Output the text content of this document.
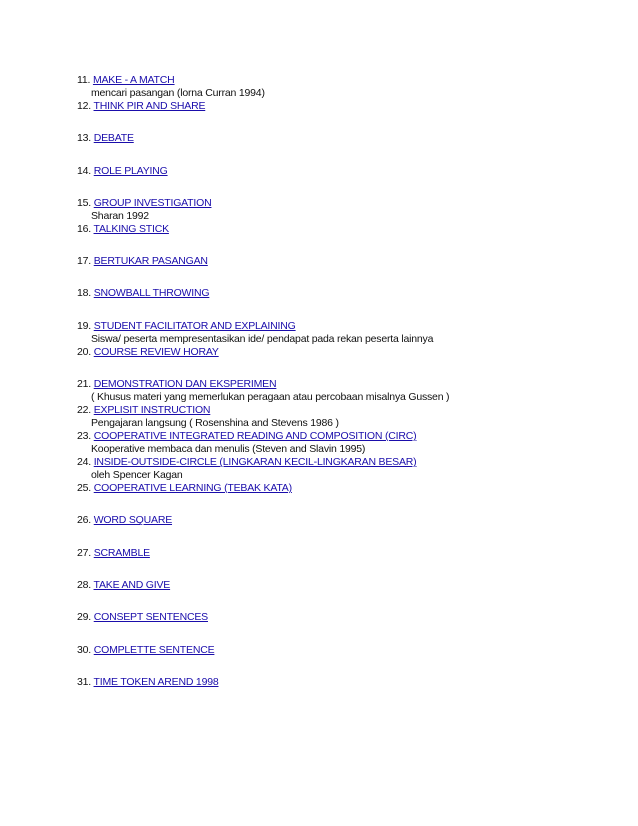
11. MAKE - A MATCH
mencari pasangan (lorna Curran 1994)
12. THINK PIR AND SHARE
13. DEBATE
14. ROLE PLAYING
15. GROUP INVESTIGATION
Sharan 1992
16. TALKING STICK
17. BERTUKAR PASANGAN
18. SNOWBALL THROWING
19. STUDENT FACILITATOR AND EXPLAINING
Siswa/ peserta mempresentasikan ide/ pendapat pada rekan peserta lainnya
20. COURSE REVIEW HORAY
21. DEMONSTRATION DAN EKSPERIMEN
( Khusus materi yang memerlukan peragaan atau percobaan misalnya Gussen )
22. EXPLISIT INSTRUCTION
Pengajaran langsung ( Rosenshina and Stevens 1986 )
23. COOPERATIVE INTEGRATED READING AND COMPOSITION (CIRC)
Kooperative membaca dan menulis (Steven and Slavin 1995)
24. INSIDE-OUTSIDE-CIRCLE (LINGKARAN KECIL-LINGKARAN BESAR)
oleh Spencer Kagan
25. COOPERATIVE LEARNING (TEBAK KATA)
26. WORD SQUARE
27. SCRAMBLE
28. TAKE AND GIVE
29. CONSEPT SENTENCES
30. COMPLETTE SENTENCE
31. TIME TOKEN AREND 1998
